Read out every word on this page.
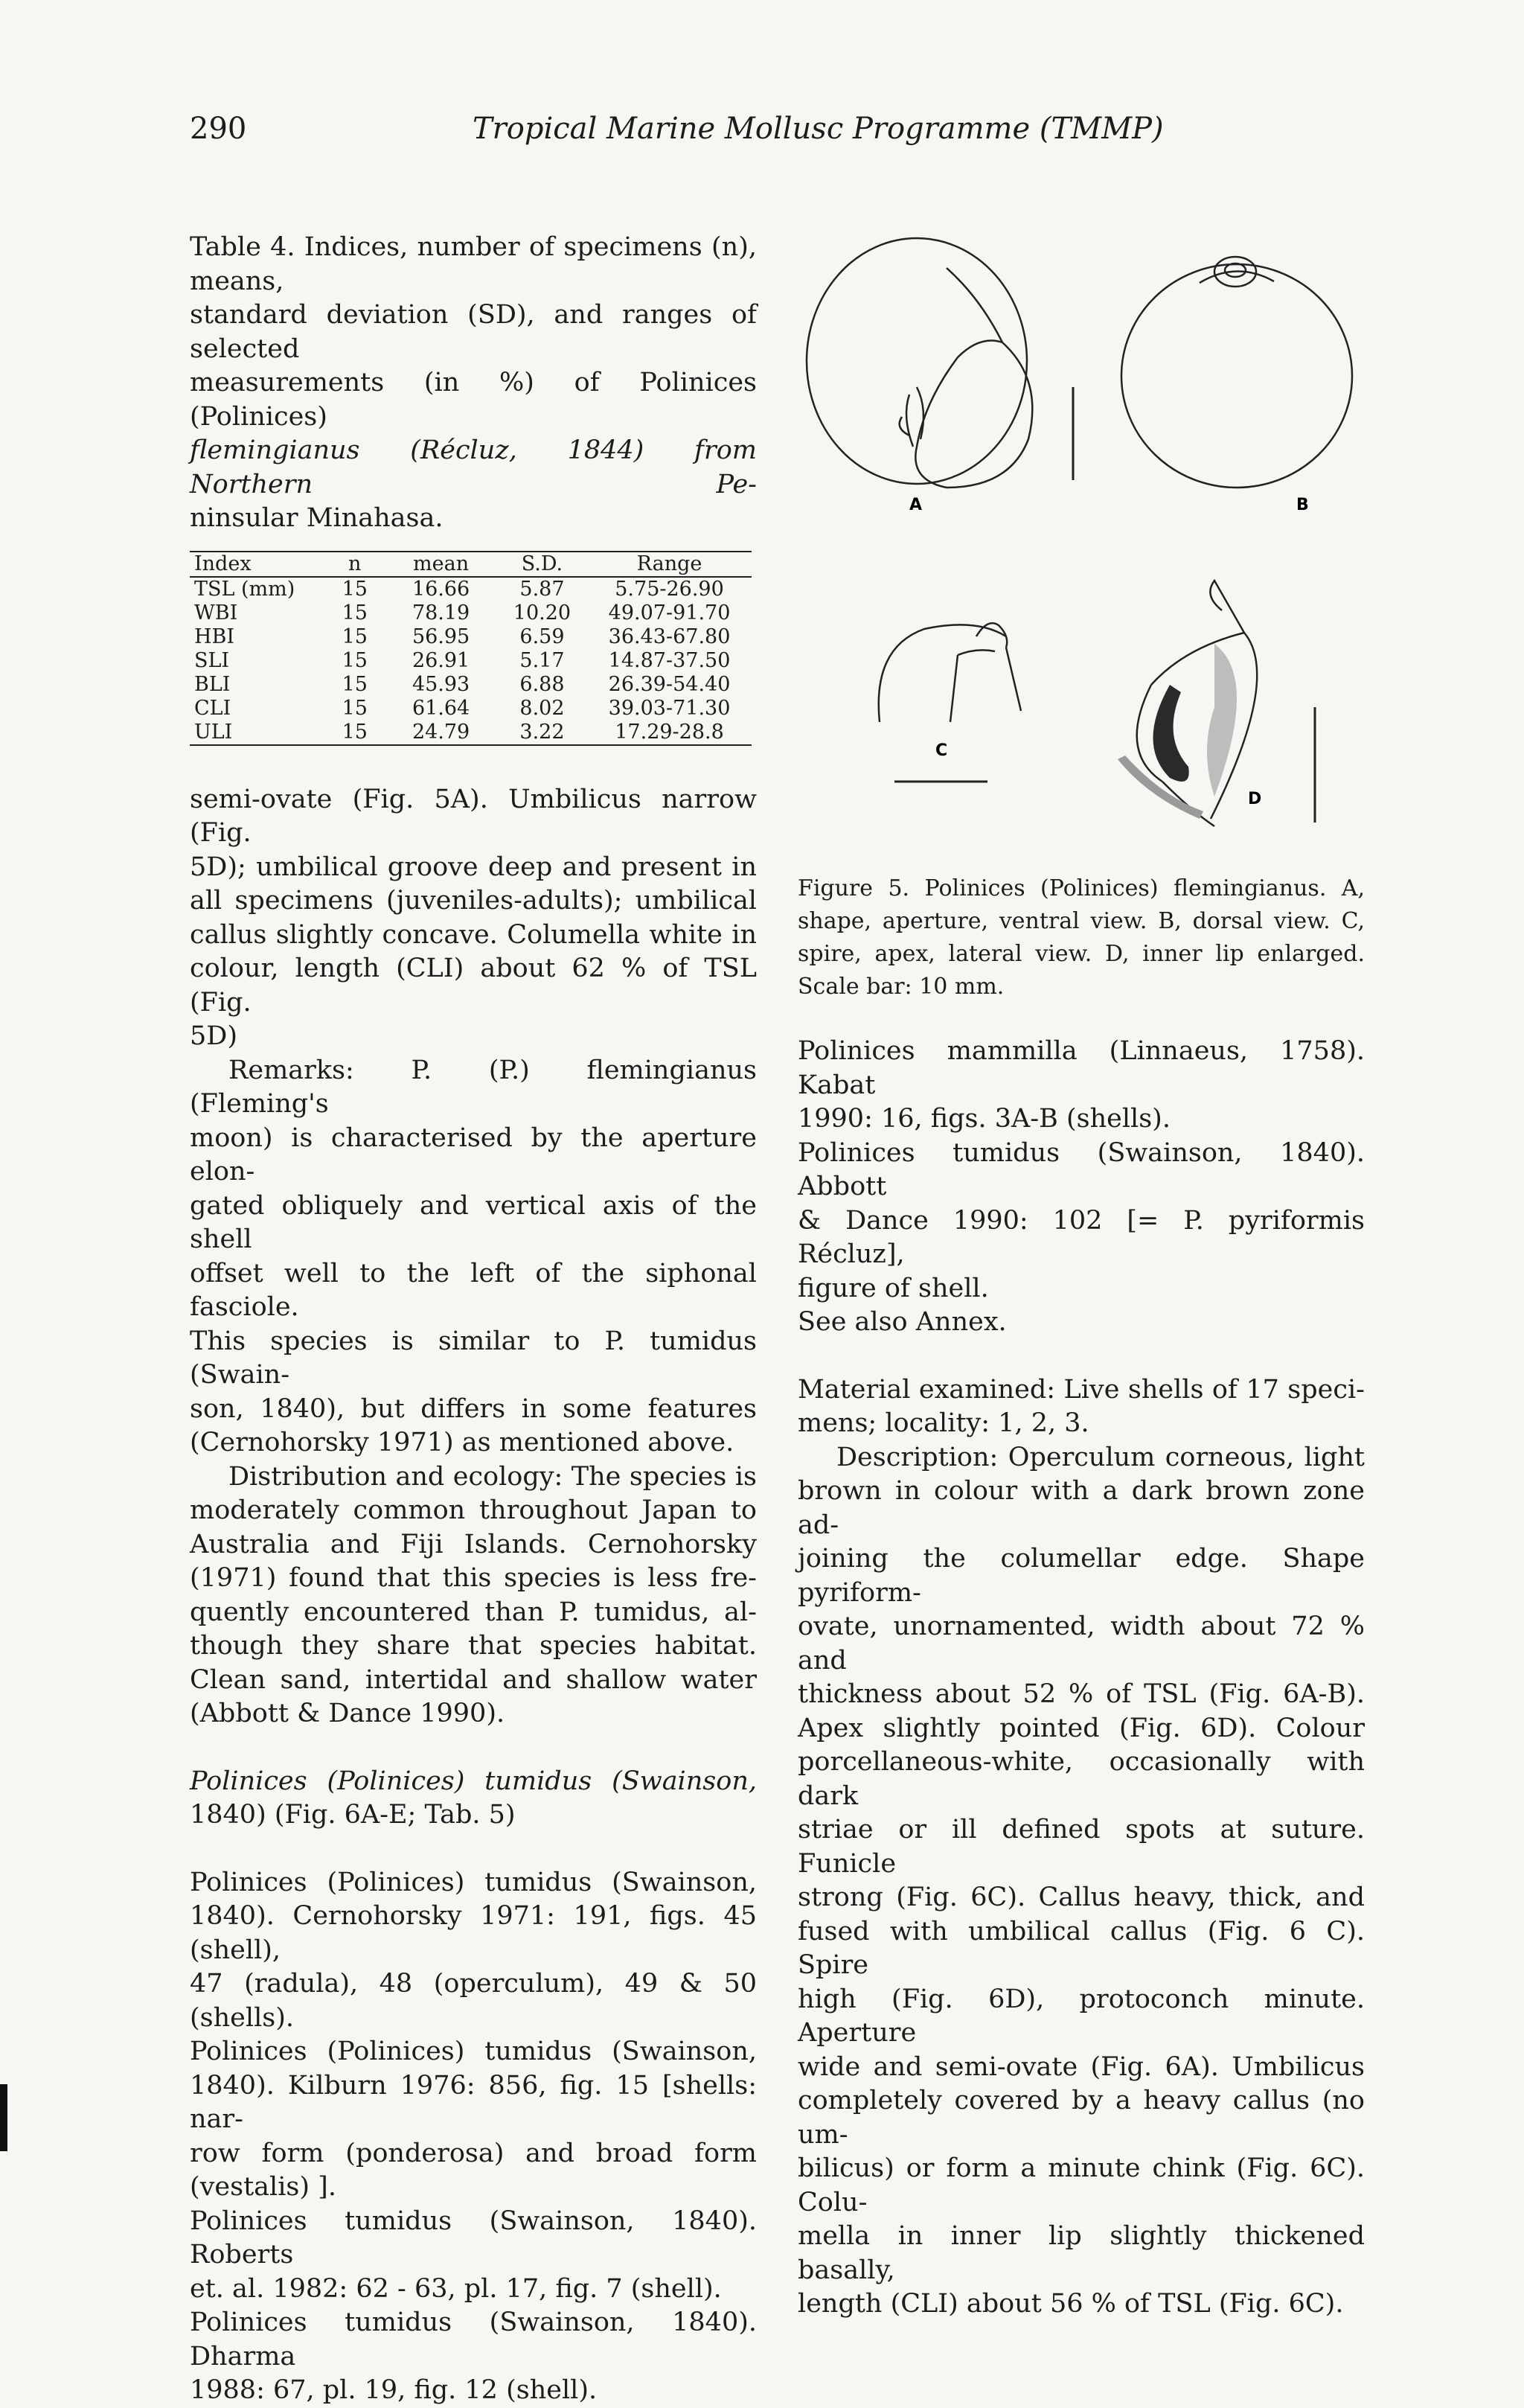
290	Tropical Marine Mollusc Programme (TMMP)
Table 4. Indices, number of specimens (n), means,
standard deviation (SD), and ranges of selected
measurements (in %) of Polinices (Polinices)
flemingianus (Récluz, 1844) from Northern Pe-
ninsular Minahasa.
Index	n	mean	S.D.	Range
TSL (mm)	15	16.66	5.87	5.75-26.90
WBI	15	78.19	10.20	49.07-91.70
HBI	15	56.95	6.59	36.43-67.80
SLI	15	26.91	5.17	14.87-37.50
BLI	15	45.93	6.88	26.39-54.40
CLI	15	61.64	8.02	39.03-71.30
ULI	15	24.79	3.22	17.29-28.8
semi-ovate (Fig. 5A). Umbilicus narrow (Fig.
5D); umbilical groove deep and present in
all specimens (juveniles-adults); umbilical
callus slightly concave. Columella white in
colour, length (CLI) about 62 % of TSL (Fig.
5D)
Remarks: P. (P.) flemingianus (Fleming's
moon) is characterised by the aperture elon-
gated obliquely and vertical axis of the shell
offset well to the left of the siphonal fasciole.
This species is similar to P. tumidus (Swain-
son, 1840), but differs in some features
(Cernohorsky 1971) as mentioned above.
Distribution and ecology: The species is
moderately common throughout Japan to
Australia and Fiji Islands. Cernohorsky
(1971) found that this species is less fre-
quently encountered than P. tumidus, al-
though they share that species habitat.
Clean sand, intertidal and shallow water
(Abbott & Dance 1990).
Polinices (Polinices) tumidus (Swainson,
1840) (Fig. 6A-E; Tab. 5)
Polinices (Polinices) tumidus (Swainson,
1840). Cernohorsky 1971: 191, figs. 45 (shell),
47 (radula), 48 (operculum), 49 & 50 (shells).
Polinices (Polinices) tumidus (Swainson,
1840). Kilburn 1976: 856, fig. 15 [shells: nar-
row form (ponderosa) and broad form
(vestalis) ].
Polinices tumidus (Swainson, 1840). Roberts
et. al. 1982: 62 - 63, pl. 17, fig. 7 (shell).
Polinices tumidus (Swainson, 1840). Dharma
1988: 67, pl. 19, fig. 12 (shell).
A	B
C
D
Figure 5. Polinices (Polinices) flemingianus. A,
shape, aperture, ventral view. B, dorsal view. C,
spire, apex, lateral view. D, inner lip enlarged.
Scale bar: 10 mm.
Polinices mammilla (Linnaeus, 1758). Kabat
1990: 16, figs. 3A-B (shells).
Polinices tumidus (Swainson, 1840). Abbott
& Dance 1990: 102 [= P. pyriformis Récluz],
figure of shell.
See also Annex.
Material examined: Live shells of 17 speci-
mens; locality: 1, 2, 3.
Description: Operculum corneous, light
brown in colour with a dark brown zone ad-
joining the columellar edge. Shape pyriform-
ovate, unornamented, width about 72 % and
thickness about 52 % of TSL (Fig. 6A-B).
Apex slightly pointed (Fig. 6D). Colour
porcellaneous-white, occasionally with dark
striae or ill defined spots at suture. Funicle
strong (Fig. 6C). Callus heavy, thick, and
fused with umbilical callus (Fig. 6 C). Spire
high (Fig. 6D), protoconch minute. Aperture
wide and semi-ovate (Fig. 6A). Umbilicus
completely covered by a heavy callus (no um-
bilicus) or form a minute chink (Fig. 6C). Colu-
mella in inner lip slightly thickened basally,
length (CLI) about 56 % of TSL (Fig. 6C).
